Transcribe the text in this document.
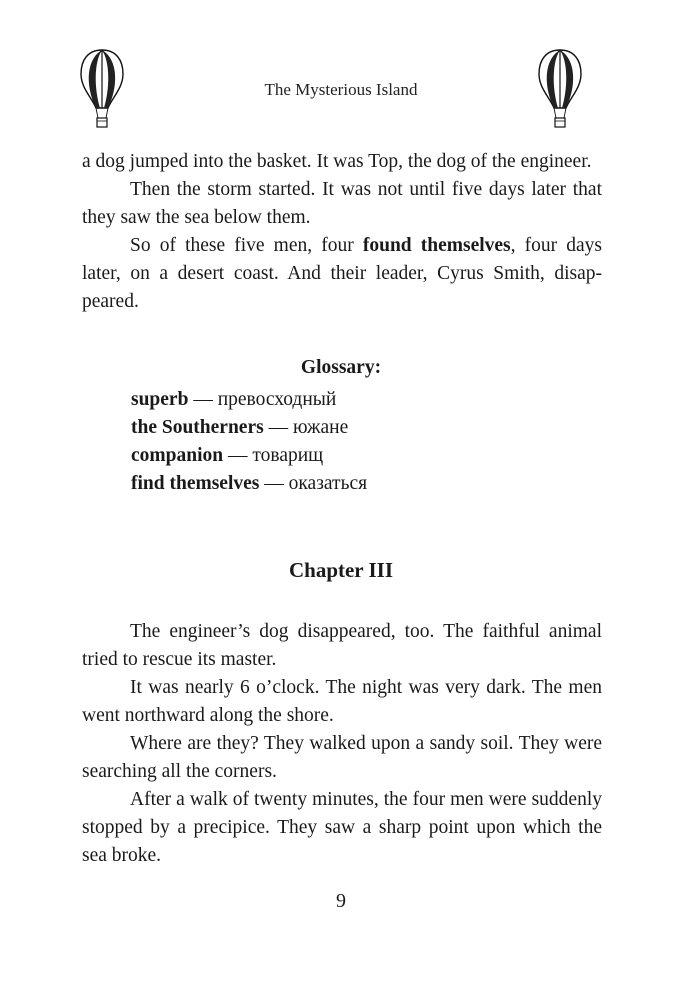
The Mysterious Island

a dog jumped into the basket. It was Top, the dog of the engineer.

Then the storm started. It was not until five days later that they saw the sea below them.

So of these five men, four found themselves, four days later, on a desert coast. And their leader, Cyrus Smith, disappeared.

Glossary:
superb — превосходный
the Southerners — южане
companion — товарищ
find themselves — оказаться
Chapter III

The engineer’s dog disappeared, too. The faithful animal tried to rescue its master.

It was nearly 6 o’clock. The night was very dark. The men went northward along the shore.

Where are they? They walked upon a sandy soil. They were searching all the corners.

After a walk of twenty minutes, the four men were suddenly stopped by a precipice. They saw a sharp point upon which the sea broke.

9
